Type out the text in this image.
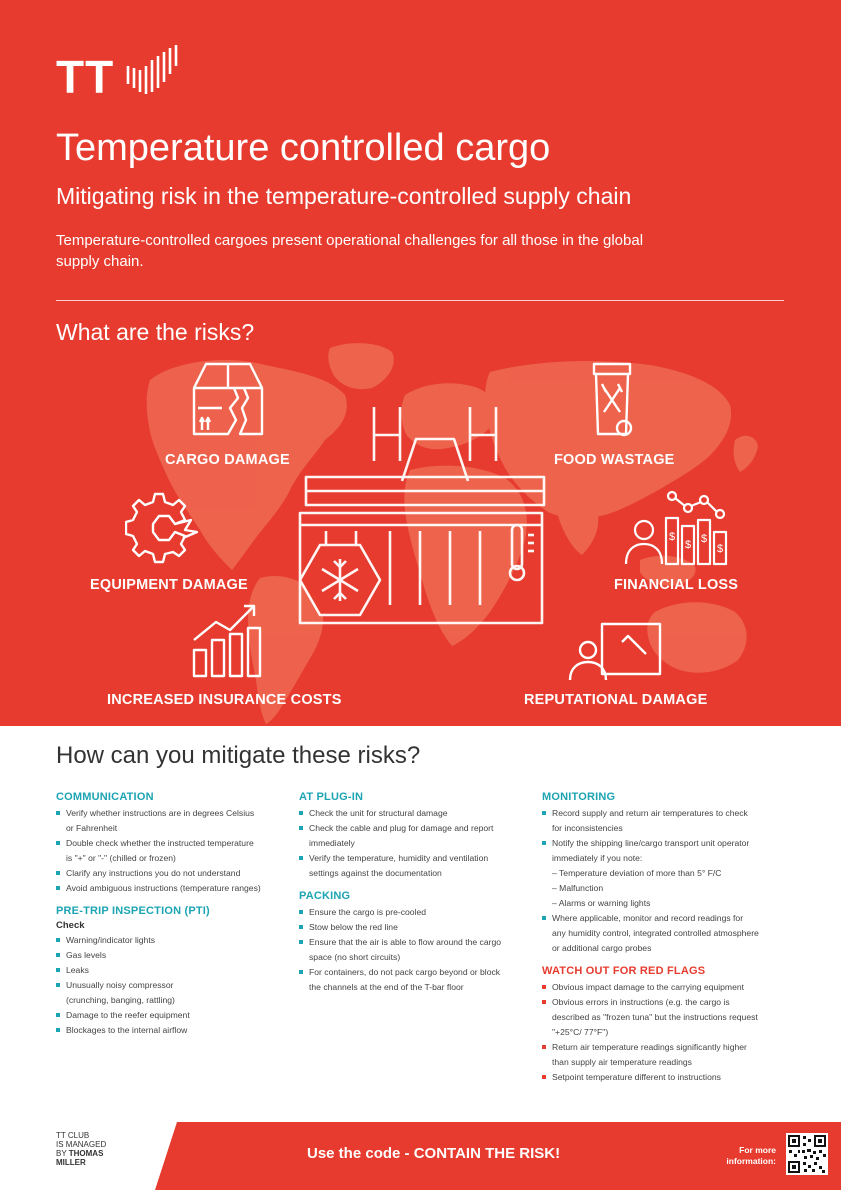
TT
Temperature controlled cargo
Mitigating risk in the temperature-controlled supply chain
Temperature-controlled cargoes present operational challenges for all those in the global
supply chain.
What are the risks?
CARGO DAMAGE	FOOD WASTAGE
EQUIPMENT DAMAGE
$ $
$
$
FINANCIAL LOSS
INCREASED INSURANCE COSTS	REPUTATIONAL DAMAGE
How can you mitigate these risks?
COMMUNICATION
Verify whether instructions are in degrees Celsius
or Fahrenheit
Double check whether the instructed temperature
is "+" or "-" (chilled or frozen)
Clarify any instructions you do not understand
Avoid ambiguous instructions (temperature ranges)
PRE-TRIP INSPECTION (PTI)
Check
Warning/indicator lights
Gas levels
Leaks
Unusually noisy compressor
(crunching, banging, rattling)
Damage to the reefer equipment
Blockages to the internal airflow
AT PLUG-IN
Check the unit for structural damage
Check the cable and plug for damage and report
immediately
Verify the temperature, humidity and ventilation
settings against the documentation
PACKING
Ensure the cargo is pre-cooled
Stow below the red line
Ensure that the air is able to flow around the cargo
space (no short circuits)
For containers, do not pack cargo beyond or block
the channels at the end of the T-bar floor
MONITORING
Record supply and return air temperatures to check
for inconsistencies
Notify the shipping line/cargo transport unit operator
immediately if you note:
– Temperature deviation of more than 5° F/C
– Malfunction
– Alarms or warning lights
Where applicable, monitor and record readings for
any humidity control, integrated controlled atmosphere
or additional cargo probes
WATCH OUT FOR RED FLAGS
Obvious impact damage to the carrying equipment
Obvious errors in instructions (e.g. the cargo is
described as "frozen tuna" but the instructions request
"+25°C/ 77°F")
Return air temperature readings significantly higher
than supply air temperature readings
Setpoint temperature different to instructions
TT CLUB
IS MANAGED
BY THOMAS
MILLER
Use the code - CONTAIN THE RISK!	For more
information:
